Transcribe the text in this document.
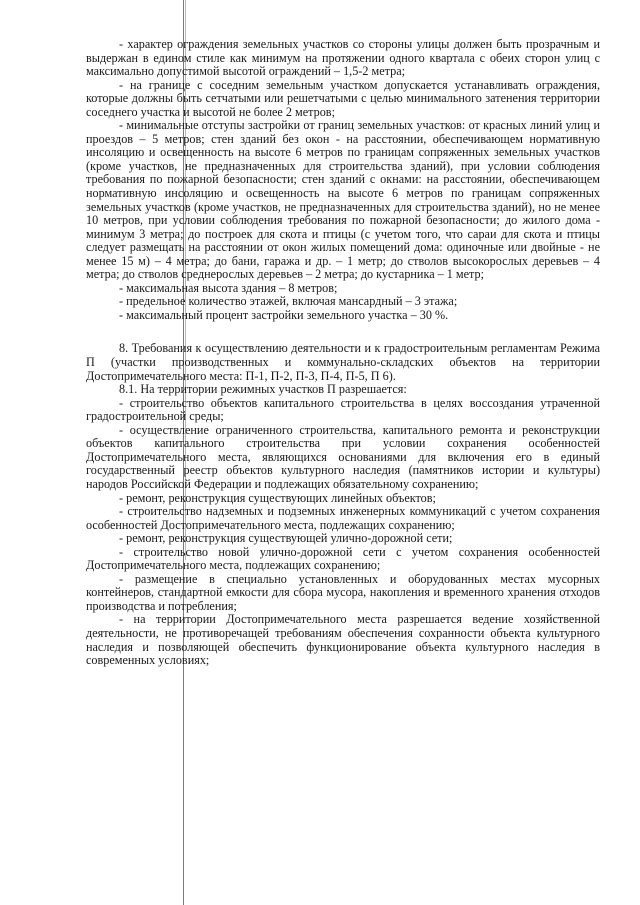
- характер ограждения земельных участков со стороны улицы должен быть прозрачным и выдержан в едином стиле как минимум на протяжении одного квартала с обеих сторон улиц с максимально допустимой высотой ограждений – 1,5-2 метра;

- на границе с соседним земельным участком допускается устанавливать ограждения, которые должны быть сетчатыми или решетчатыми с целью минимального затенения территории соседнего участка и высотой не более 2 метров;

- минимальные отступы застройки от границ земельных участков: от красных линий улиц и проездов – 5 метров; стен зданий без окон - на расстоянии, обеспечивающем нормативную инсоляцию и освещенность на высоте 6 метров по границам сопряженных земельных участков (кроме участков, не предназначенных для строительства зданий), при условии соблюдения требования по пожарной безопасности; стен зданий с окнами: на расстоянии, обеспечивающем нормативную инсоляцию и освещенность на высоте 6 метров по границам сопряженных земельных участков (кроме участков, не предназначенных для строительства зданий), но не менее 10 метров, при условии соблюдения требования по пожарной безопасности; до жилого дома - минимум 3 метра; до построек для скота и птицы (с учетом того, что сараи для скота и птицы следует размещать на расстоянии от окон жилых помещений дома: одиночные или двойные - не менее 15 м) – 4 метра; до бани, гаража и др. – 1 метр; до стволов высокорослых деревьев – 4 метра; до стволов среднерослых деревьев – 2 метра; до кустарника – 1 метр;

- максимальная высота здания – 8 метров;

- предельное количество этажей, включая мансардный – 3 этажа;

- максимальный процент застройки земельного участка – 30 %.

8. Требования к осуществлению деятельности и к градостроительным регламентам Режима П (участки производственных и коммунально-складских объектов на территории Достопримечательного места: П-1, П-2, П-3, П-4, П-5, П 6).

8.1. На территории режимных участков П разрешается:

- строительство объектов капитального строительства в целях воссоздания утраченной градостроительной среды;

- осуществление ограниченного строительства, капитального ремонта и реконструкции объектов капитального строительства при условии сохранения особенностей Достопримечательного места, являющихся основаниями для включения его в единый государственный реестр объектов культурного наследия (памятников истории и культуры) народов Российской Федерации и подлежащих обязательному сохранению;

- ремонт, реконструкция существующих линейных объектов;

- строительство надземных и подземных инженерных коммуникаций с учетом сохранения особенностей Достопримечательного места, подлежащих сохранению;

- ремонт, реконструкция существующей улично-дорожной сети;

- строительство новой улично-дорожной сети с учетом сохранения особенностей Достопримечательного места, подлежащих сохранению;

- размещение в специально установленных и оборудованных местах мусорных контейнеров, стандартной емкости для сбора мусора, накопления и временного хранения отходов производства и потребления;

- на территории Достопримечательного места разрешается ведение хозяйственной деятельности, не противоречащей требованиям обеспечения сохранности объекта культурного наследия и позволяющей обеспечить функционирование объекта культурного наследия в современных условиях;
